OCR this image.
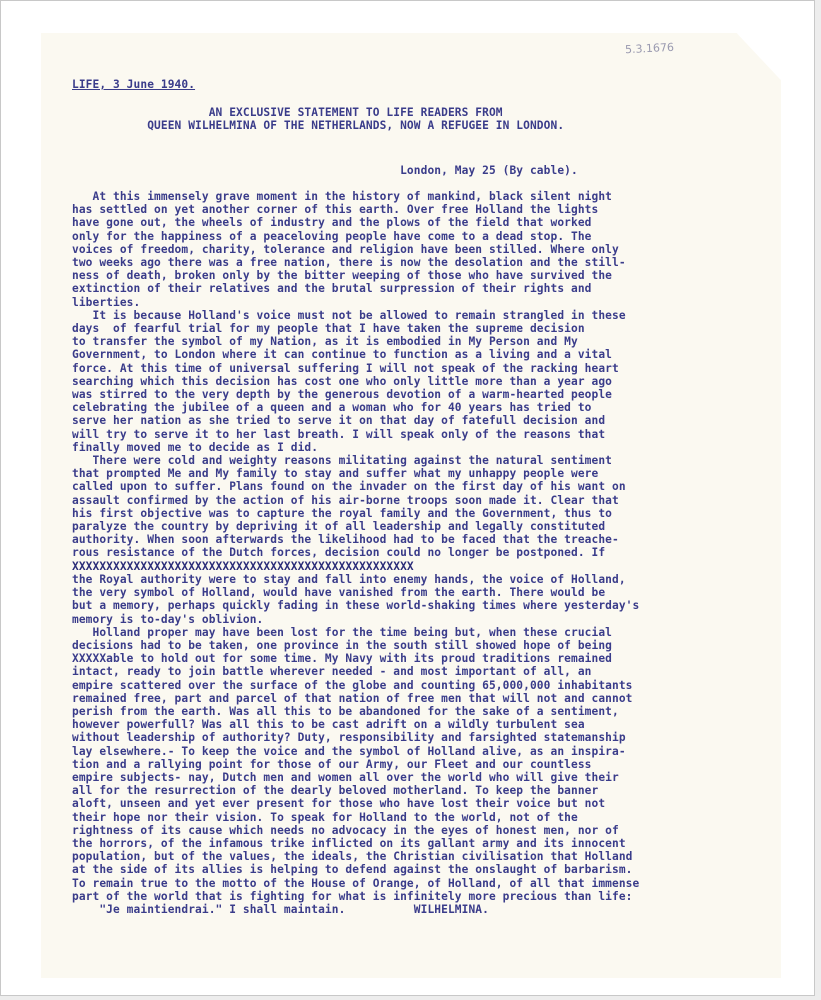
5.3.1676
LIFE, 3 June 1940.
AN EXCLUSIVE STATEMENT TO LIFE READERS FROM
QUEEN WILHELMINA OF THE NETHERLANDS, NOW A REFUGEE IN LONDON.
London, May 25 (By cable).
At this immensely grave moment in the history of mankind, black silent night
has settled on yet another corner of this earth. Over free Holland the lights
have gone out, the wheels of industry and the plows of the field that worked
only for the happiness of a peaceloving people have come to a dead stop. The
voices of freedom, charity, tolerance and religion have been stilled. Where only
two weeks ago there was a free nation, there is now the desolation and the still-
ness of death, broken only by the bitter weeping of those who have survived the
extinction of their relatives and the brutal surpression of their rights and
liberties.
It is because Holland's voice must not be allowed to remain strangled in these
days  of fearful trial for my people that I have taken the supreme decision
to transfer the symbol of my Nation, as it is embodied in My Person and My
Government, to London where it can continue to function as a living and a vital
force. At this time of universal suffering I will not speak of the racking heart
searching which this decision has cost one who only little more than a year ago
was stirred to the very depth by the generous devotion of a warm-hearted people
celebrating the jubilee of a queen and a woman who for 40 years has tried to
serve her nation as she tried to serve it on that day of fatefull decision and
will try to serve it to her last breath. I will speak only of the reasons that
finally moved me to decide as I did.
There were cold and weighty reasons militating against the natural sentiment
that prompted Me and My family to stay and suffer what my unhappy people were
called upon to suffer. Plans found on the invader on the first day of his want on
assault confirmed by the action of his air-borne troops soon made it. Clear that
his first objective was to capture the royal family and the Government, thus to
paralyze the country by depriving it of all leadership and legally constituted
authority. When soon afterwards the likelihood had to be faced that the treache-
rous resistance of the Dutch forces, decision could no longer be postponed. If
XXXXXXXXXXXXXXXXXXXXXXXXXXXXXXXXXXXXXXXXXXXXXXXXXX
the Royal authority were to stay and fall into enemy hands, the voice of Holland,
the very symbol of Holland, would have vanished from the earth. There would be
but a memory, perhaps quickly fading in these world-shaking times where yesterday's
memory is to-day's oblivion.
Holland proper may have been lost for the time being but, when these crucial
decisions had to be taken, one province in the south still showed hope of being
XXXXXable to hold out for some time. My Navy with its proud traditions remained
intact, ready to join battle wherever needed - and most important of all, an
empire scattered over the surface of the globe and counting 65,000,000 inhabitants
remained free, part and parcel of that nation of free men that will not and cannot
perish from the earth. Was all this to be abandoned for the sake of a sentiment,
however powerfull? Was all this to be cast adrift on a wildly turbulent sea
without leadership of authority? Duty, responsibility and farsighted statemanship
lay elsewhere.- To keep the voice and the symbol of Holland alive, as an inspira-
tion and a rallying point for those of our Army, our Fleet and our countless
empire subjects- nay, Dutch men and women all over the world who will give their
all for the resurrection of the dearly beloved motherland. To keep the banner
aloft, unseen and yet ever present for those who have lost their voice but not
their hope nor their vision. To speak for Holland to the world, not of the
rightness of its cause which needs no advocacy in the eyes of honest men, nor of
the horrors, of the infamous trike inflicted on its gallant army and its innocent
population, but of the values, the ideals, the Christian civilisation that Holland
at the side of its allies is helping to defend against the onslaught of barbarism.
To remain true to the motto of the House of Orange, of Holland, of all that immense
part of the world that is fighting for what is infinitely more precious than life:
"Je maintiendrai." I shall maintain.	WILHELMINA.
